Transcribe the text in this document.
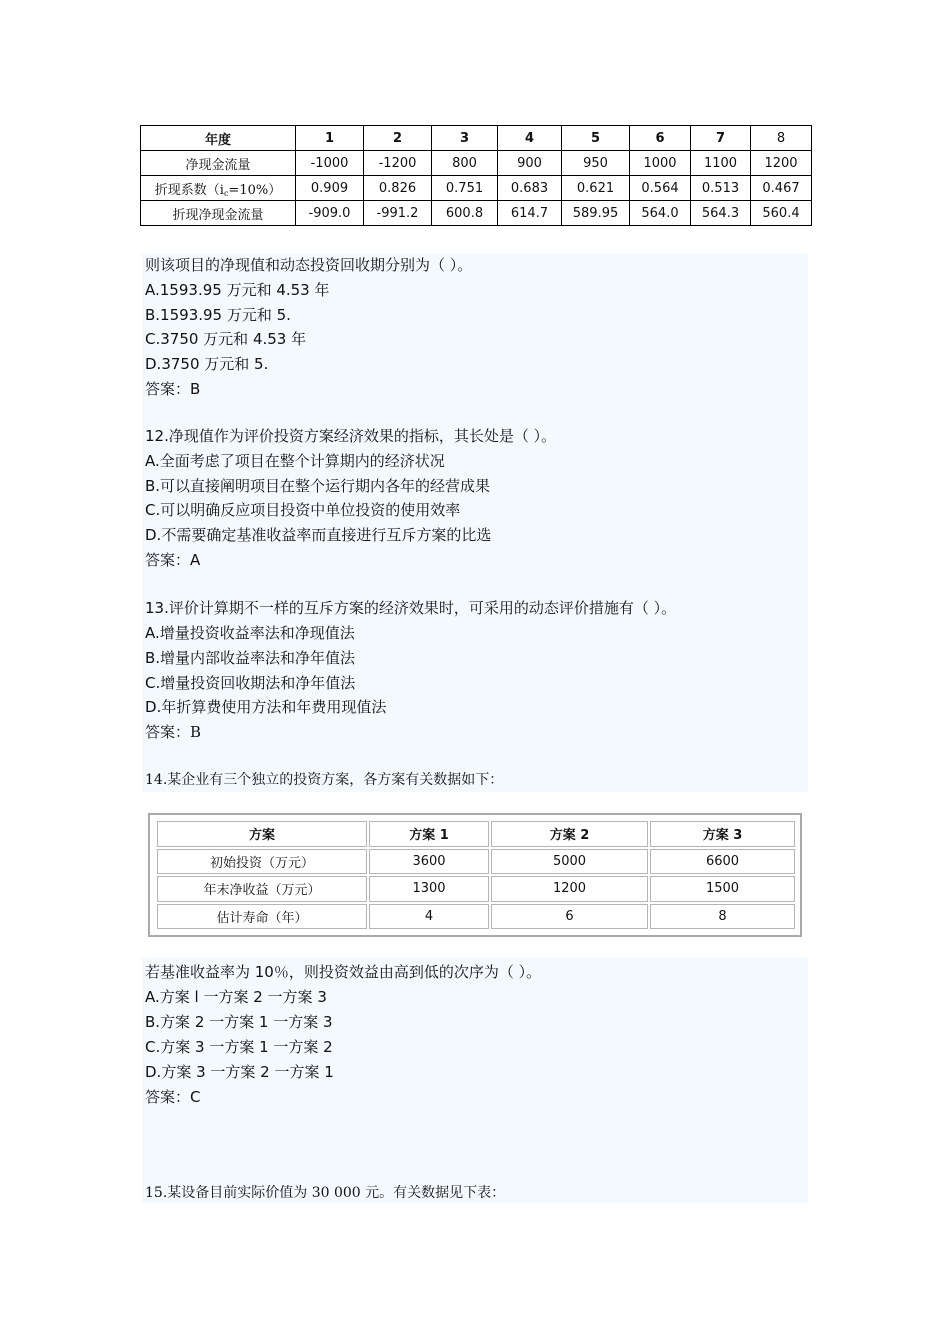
年度	1	2	3	4	5	6	7	8
净现金流量	-1000	-1200	800	900	950	1000	1100	1200
折现系数$(i_c=10\%)$	0.909	0.826	0.751	0.683	0.621	0.564	0.513	0.467
折现净现金流量	-909.0	-991.2	600.8	614.7	589.95	564.0	564.3	560.4
则该项目的净现值和动态投资回收期分别为（ ）。
A.1593.95 万元和 4.53 年
B.1593.95 万元和 5.
C.3750 万元和 4.53 年
D.3750 万元和 5.
答案：B
12.净现值作为评价投资方案经济效果的指标，其长处是（ ）。
A.全面考虑了项目在整个计算期内的经济状况
B.可以直接阐明项目在整个运行期内各年的经营成果
C.可以明确反应项目投资中单位投资的使用效率
D.不需要确定基准收益率而直接进行互斥方案的比选
答案：A
13.评价计算期不一样的互斥方案的经济效果时，可采用的动态评价措施有（ ）。
A.增量投资收益率法和净现值法
B.增量内部收益率法和净年值法
C.增量投资回收期法和净年值法
D.年折算费使用方法和年费用现值法
答案：B
14.某企业有三个独立的投资方案，各方案有关数据如下：
方案	方案 1	方案 2	方案 3
初始投资（万元）	3600	5000	6600
年末净收益（万元）	1300	1200	1500
估计寿命（年）	4	6	8
若基准收益率为 10％，则投资效益由高到低的次序为（ ）。
A.方案 l 一方案 2 一方案 3
B.方案 2 一方案 1 一方案 3
C.方案 3 一方案 1 一方案 2
D.方案 3 一方案 2 一方案 1
答案：C
15.某设备目前实际价值为 30 000 元。有关数据见下表：
